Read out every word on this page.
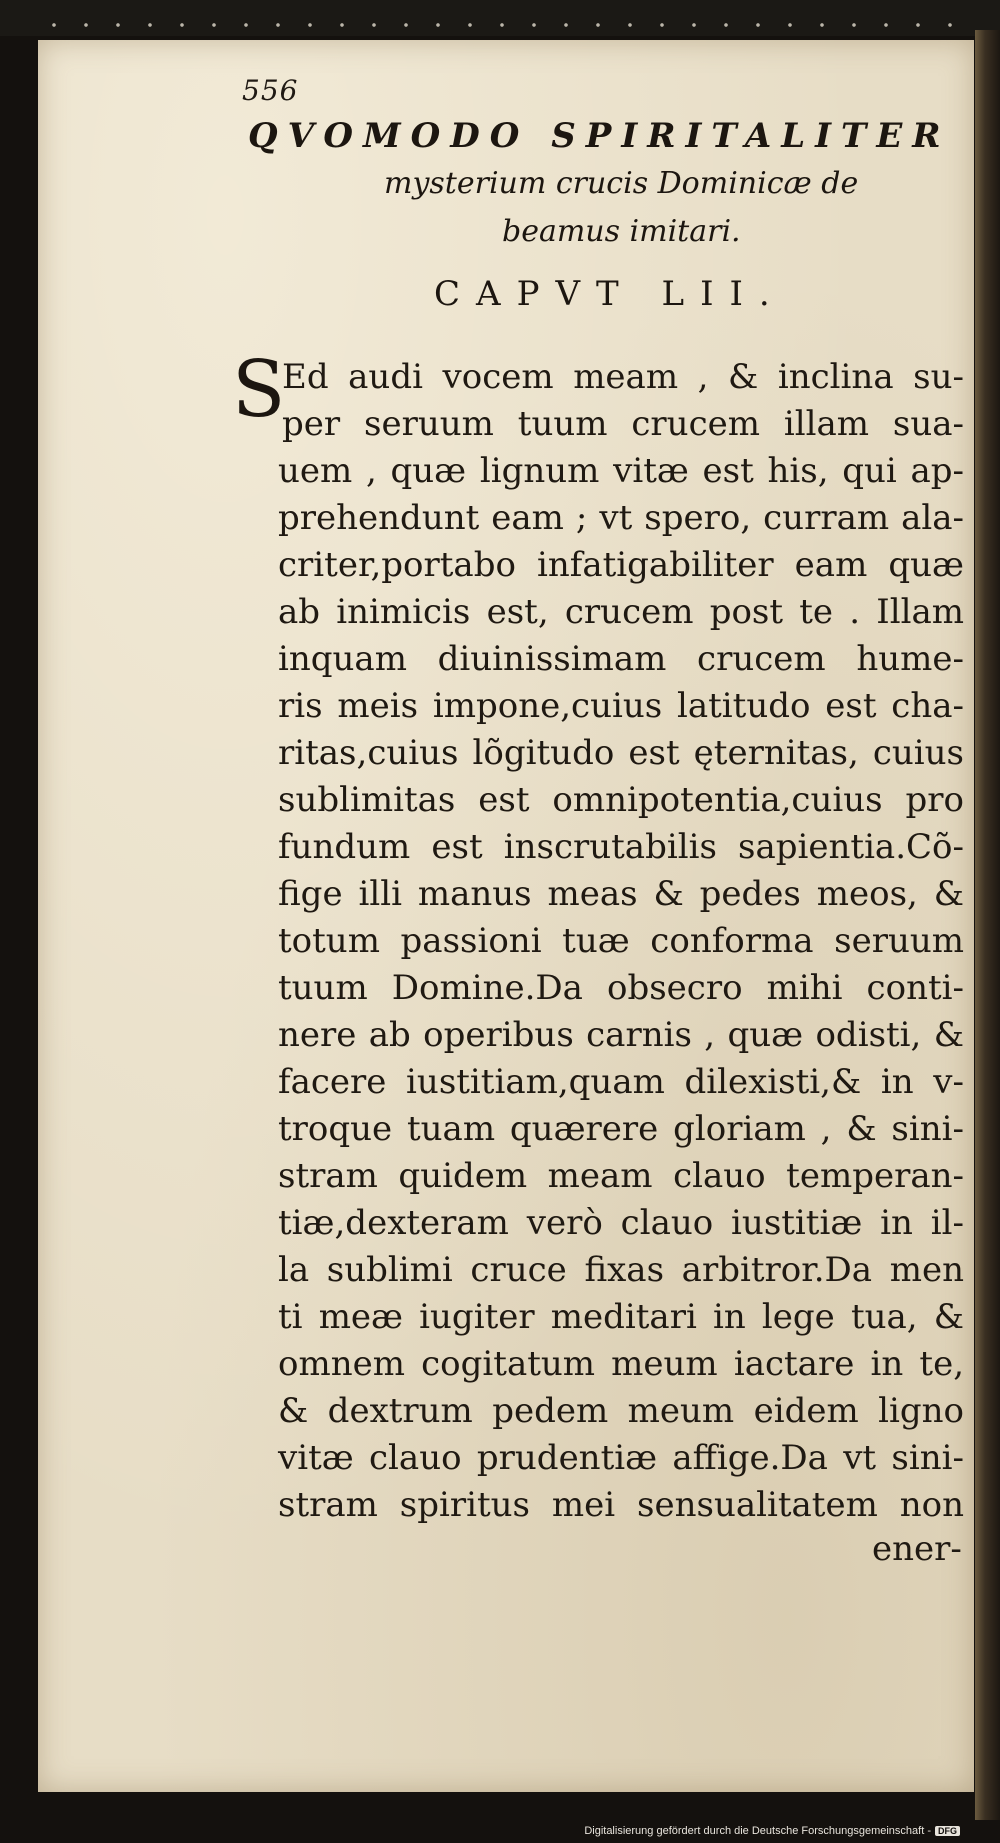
556
QVOMODO SPIRITALITER
mysterium crucis Dominicæ de
beamus imitari.
CAPVT LII.
S
Ed audi vocem meam , & inclina su-
per seruum tuum crucem illam sua-
uem , quæ lignum vitæ est his, qui ap-
prehendunt eam ; vt spero, curram ala-
criter,portabo infatigabiliter eam quæ
ab inimicis est, crucem post te . Illam
inquam diuinissimam crucem hume-
ris meis impone,cuius latitudo est cha-
ritas,cuius lõgitudo est ęternitas, cuius
sublimitas est omnipotentia,cuius pro
fundum est inscrutabilis sapientia.Cõ-
fige illi manus meas & pedes meos, &
totum passioni tuæ conforma seruum
tuum Domine.Da obsecro mihi conti-
nere ab operibus carnis , quæ odisti, &
facere iustitiam,quam dilexisti,& in v-
troque tuam quærere gloriam , & sini-
stram quidem meam clauo temperan-
tiæ,dexteram verò clauo iustitiæ in il-
la sublimi cruce fixas arbitror.Da men
ti meæ iugiter meditari in lege tua, &
omnem cogitatum meum iactare in te,
& dextrum pedem meum eidem ligno
vitæ clauo prudentiæ affige.Da vt sini-
stram spiritus mei sensualitatem non
ener-
Digitalisierung gefördert durch die Deutsche Forschungsgemeinschaft - DFG
